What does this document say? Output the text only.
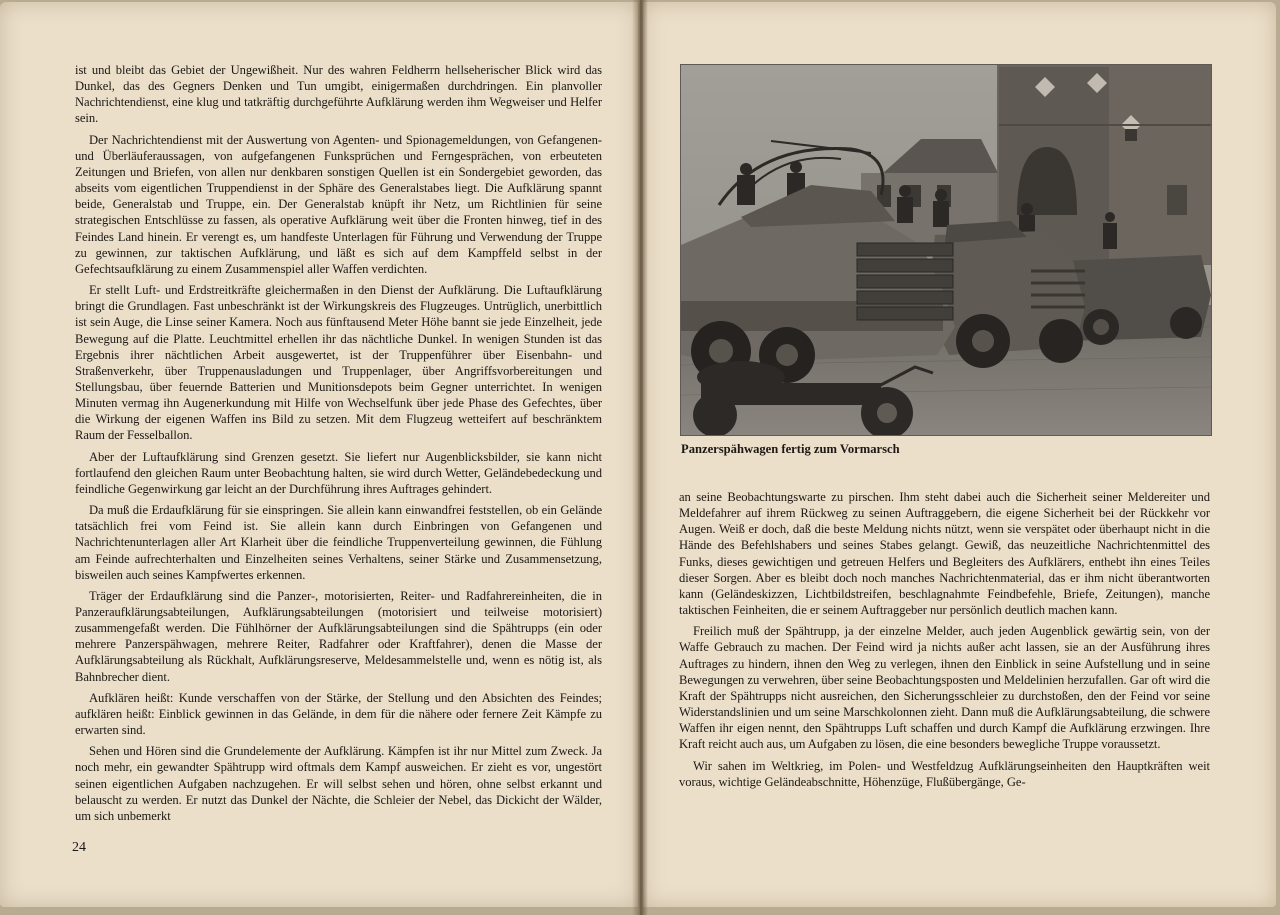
ist und bleibt das Gebiet der Ungewißheit. Nur des wahren Feldherrn hellseherischer Blick wird das Dunkel, das des Gegners Denken und Tun umgibt, einigermaßen durchdringen. Ein planvoller Nachrichtendienst, eine klug und tatkräftig durchgeführte Aufklärung werden ihm Wegweiser und Helfer sein.

Der Nachrichtendienst mit der Auswertung von Agenten- und Spionagemeldungen, von Gefangenen- und Überläuferaussagen, von aufgefangenen Funksprüchen und Ferngesprächen, von erbeuteten Zeitungen und Briefen, von allen nur denkbaren sonstigen Quellen ist ein Sondergebiet geworden, das abseits vom eigentlichen Truppendienst in der Sphäre des Generalstabes liegt. Die Aufklärung spannt beide, Generalstab und Truppe, ein. Der Generalstab knüpft ihr Netz, um Richtlinien für seine strategischen Entschlüsse zu fassen, als operative Aufklärung weit über die Fronten hinweg, tief in des Feindes Land hinein. Er verengt es, um handfeste Unterlagen für Führung und Verwendung der Truppe zu gewinnen, zur taktischen Aufklärung, und läßt es sich auf dem Kampffeld selbst in der Gefechtsaufklärung zu einem Zusammenspiel aller Waffen verdichten.

Er stellt Luft- und Erdstreitkräfte gleichermaßen in den Dienst der Aufklärung. Die Luftaufklärung bringt die Grundlagen. Fast unbeschränkt ist der Wirkungskreis des Flugzeuges. Untrüglich, unerbittlich ist sein Auge, die Linse seiner Kamera. Noch aus fünftausend Meter Höhe bannt sie jede Einzelheit, jede Bewegung auf die Platte. Leuchtmittel erhellen ihr das nächtliche Dunkel. In wenigen Stunden ist das Ergebnis ihrer nächtlichen Arbeit ausgewertet, ist der Truppenführer über Eisenbahn- und Straßenverkehr, über Truppenausladungen und Truppenlager, über Angriffsvorbereitungen und Stellungsbau, über feuernde Batterien und Munitionsdepots beim Gegner unterrichtet. In wenigen Minuten vermag ihn Augenerkundung mit Hilfe von Wechselfunk über jede Phase des Gefechtes, über die Wirkung der eigenen Waffen ins Bild zu setzen. Mit dem Flugzeug wetteifert auf beschränktem Raum der Fesselballon.

Aber der Luftaufklärung sind Grenzen gesetzt. Sie liefert nur Augenblicksbilder, sie kann nicht fortlaufend den gleichen Raum unter Beobachtung halten, sie wird durch Wetter, Geländebedeckung und feindliche Gegenwirkung gar leicht an der Durchführung ihres Auftrages gehindert.

Da muß die Erdaufklärung für sie einspringen. Sie allein kann einwandfrei feststellen, ob ein Gelände tatsächlich frei vom Feind ist. Sie allein kann durch Einbringen von Gefangenen und Nachrichtenunterlagen aller Art Klarheit über die feindliche Truppenverteilung gewinnen, die Fühlung am Feinde aufrechterhalten und Einzelheiten seines Verhaltens, seiner Stärke und Zusammensetzung, bisweilen auch seines Kampfwertes erkennen.

Träger der Erdaufklärung sind die Panzer-, motorisierten, Reiter- und Radfahrereinheiten, die in Panzeraufklärungsabteilungen, Aufklärungsabteilungen (motorisiert und teilweise motorisiert) zusammengefaßt werden. Die Fühlhörner der Aufklärungsabteilungen sind die Spähtrupps (ein oder mehrere Panzerspähwagen, mehrere Reiter, Radfahrer oder Kraftfahrer), denen die Masse der Aufklärungsabteilung als Rückhalt, Aufklärungsreserve, Meldesammelstelle und, wenn es nötig ist, als Bahnbrecher dient.

Aufklären heißt: Kunde verschaffen von der Stärke, der Stellung und den Absichten des Feindes; aufklären heißt: Einblick gewinnen in das Gelände, in dem für die nähere oder fernere Zeit Kämpfe zu erwarten sind.

Sehen und Hören sind die Grundelemente der Aufklärung. Kämpfen ist ihr nur Mittel zum Zweck. Ja noch mehr, ein gewandter Spähtrupp wird oftmals dem Kampf ausweichen. Er zieht es vor, ungestört seinen eigentlichen Aufgaben nachzugehen. Er will selbst sehen und hören, ohne selbst erkannt und belauscht zu werden. Er nutzt das Dunkel der Nächte, die Schleier der Nebel, das Dickicht der Wälder, um sich unbemerkt

24
Panzerspähwagen fertig zum Vormarsch

an seine Beobachtungswarte zu pirschen. Ihm steht dabei auch die Sicherheit seiner Meldereiter und Meldefahrer auf ihrem Rückweg zu seinen Auftraggebern, die eigene Sicherheit bei der Rückkehr vor Augen. Weiß er doch, daß die beste Meldung nichts nützt, wenn sie verspätet oder überhaupt nicht in die Hände des Befehlshabers und seines Stabes gelangt. Gewiß, das neuzeitliche Nachrichtenmittel des Funks, dieses gewichtigen und getreuen Helfers und Begleiters des Aufklärers, enthebt ihn eines Teiles dieser Sorgen. Aber es bleibt doch noch manches Nachrichtenmaterial, das er ihm nicht überantworten kann (Geländeskizzen, Lichtbildstreifen, beschlagnahmte Feindbefehle, Briefe, Zeitungen), manche taktischen Feinheiten, die er seinem Auftraggeber nur persönlich deutlich machen kann.

Freilich muß der Spähtrupp, ja der einzelne Melder, auch jeden Augenblick gewärtig sein, von der Waffe Gebrauch zu machen. Der Feind wird ja nichts außer acht lassen, sie an der Ausführung ihres Auftrages zu hindern, ihnen den Weg zu verlegen, ihnen den Einblick in seine Aufstellung und in seine Bewegungen zu verwehren, über seine Beobachtungsposten und Meldelinien herzufallen. Gar oft wird die Kraft der Spähtrupps nicht ausreichen, den Sicherungsschleier zu durchstoßen, den der Feind vor seine Widerstandslinien und um seine Marschkolonnen zieht. Dann muß die Aufklärungsabteilung, die schwere Waffen ihr eigen nennt, den Spähtrupps Luft schaffen und durch Kampf die Aufklärung erzwingen. Ihre Kraft reicht auch aus, um Aufgaben zu lösen, die eine besonders bewegliche Truppe voraussetzt.

Wir sahen im Weltkrieg, im Polen- und Westfeldzug Aufklärungseinheiten den Hauptkräften weit voraus, wichtige Geländeabschnitte, Höhenzüge, Flußübergänge, Ge-
